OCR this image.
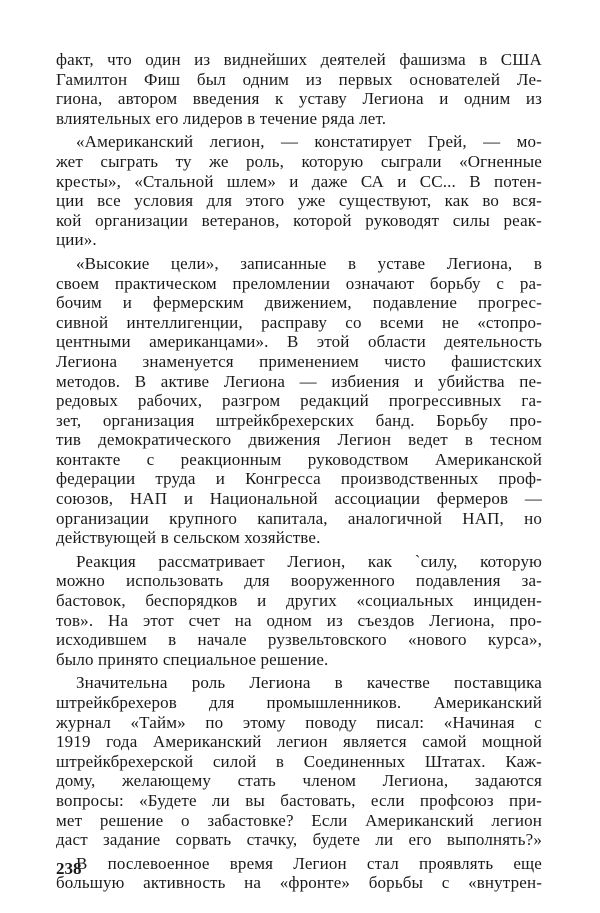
факт, что один из виднейших деятелей фашизма в США
Гамилтон Фиш был одним из первых основателей Ле-
гиона, автором введения к уставу Легиона и одним из
влиятельных его лидеров в течение ряда лет.
«Американский легион, — констатирует Грей, — мо-
жет сыграть ту же роль, которую сыграли «Огненные
кресты», «Стальной шлем» и даже СА и СС... В потен-
ции все условия для этого уже существуют, как во вся-
кой организации ветеранов, которой руководят силы реак-
ции».
«Высокие цели», записанные в уставе Легиона, в
своем практическом преломлении означают борьбу с ра-
бочим и фермерским движением, подавление прогрес-
сивной интеллигенции, расправу со всеми не «стопро-
центными американцами». В этой области деятельность
Легиона знаменуется применением чисто фашистских
методов. В активе Легиона — избиения и убийства пе-
редовых рабочих, разгром редакций прогрессивных га-
зет, организация штрейкбрехерских банд. Борьбу про-
тив демократического движения Легион ведет в тесном
контакте с реакционным руководством Американской
федерации труда и Конгресса производственных проф-
союзов, НАП и Национальной ассоциации фермеров —
организации крупного капитала, аналогичной НАП, но
действующей в сельском хозяйстве.
Реакция рассматривает Легион, как `силу, которую
можно использовать для вооруженного подавления за-
бастовок, беспорядков и других «социальных инциден-
тов». На этот счет на одном из съездов Легиона, про-
исходившем в начале рузвельтовского «нового курса»,
было принято специальное решение.
Значительна роль Легиона в качестве поставщика
штрейкбрехеров для промышленников. Американский
журнал «Тайм» по этому поводу писал: «Начиная с
1919 года Американский легион является самой мощной
штрейкбрехерской силой в Соединенных Штатах. Каж-
дому, желающему стать членом Легиона, задаются
вопросы: «Будете ли вы бастовать, если профсоюз при-
мет решение о забастовке? Если Американский легион
даст задание сорвать стачку, будете ли его выполнять?»
В послевоенное время Легион стал проявлять еще
большую активность на «фронте» борьбы с «внутрен-
238
